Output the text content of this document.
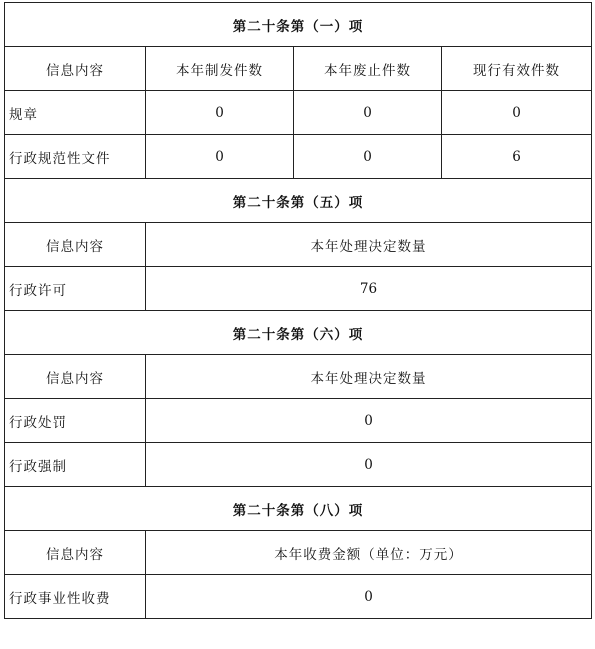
第二十条第（一）项			
信息内容	本年制发件数	本年废止件数	现行有效件数
规章	0	0	0
行政规范性文件	0	0	6
第二十条第（五）项			
信息内容	本年处理决定数量		
行政许可	76		
第二十条第（六）项			
信息内容	本年处理决定数量		
行政处罚	0		
行政强制	0		
第二十条第（八）项			
信息内容	本年收费金额（单位：万元）		
行政事业性收费	0		
